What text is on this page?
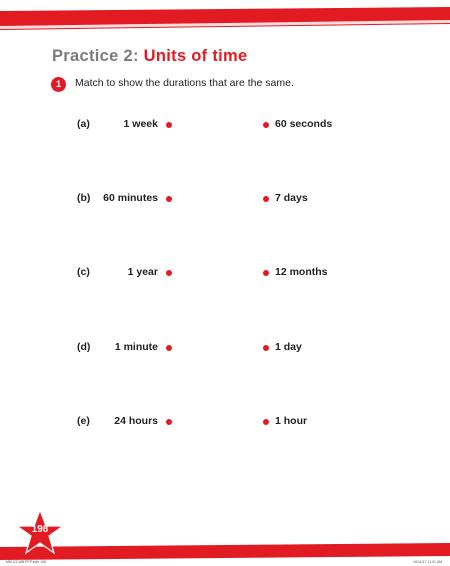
Practice 2: Units of time
1	Match to show the durations that are the same.
(a)	1 week	60 seconds
(b) 60 minutes	7 days
(c)	1 year	12 months
(d) 1 minute	1 day
(e) 24 hours	1 hour
198
MM G3 WB PPP.indb 198	19/11/17 11:01 AM
